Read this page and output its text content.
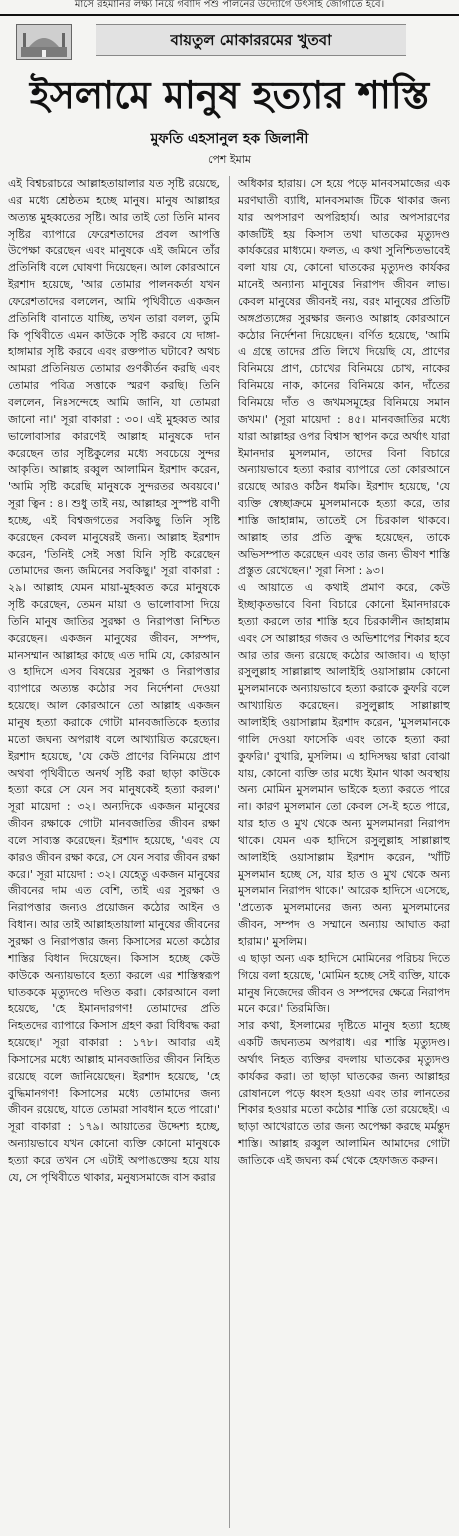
মাসে রহমানির লক্ষ্য নিয়ে গবাদি পশু পালনের উদ্যোগে উৎসাহ জোগাতে হবে।
বায়তুল মোকাররমের খুতবা
ইসলামে মানুষ হত্যার শাস্তি
মুফতি এহসানুল হক জিলানী
পেশ ইমাম

এই বিশ্বচরাচরে আল্লাহতায়ালার যত সৃষ্টি রয়েছে, এর মধ্যে শ্রেষ্ঠতম হচ্ছে মানুষ। মানুষ আল্লাহর অত্যন্ত মুহব্বতের সৃষ্টি। আর তাই তো তিনি মানব সৃষ্টির ব্যাপারে ফেরেশতাদের প্রবল আপত্তি উপেক্ষা করেছেন এবং মানুষকে এই জমিনে তাঁর প্রতিনিধি বলে ঘোষণা দিয়েছেন। আল কোরআনে ইরশাদ হয়েছে, 'আর তোমার পালনকর্তা যখন ফেরেশতাদের বললেন, আমি পৃথিবীতে একজন প্রতিনিধি বানাতে যাচ্ছি, তখন তারা বলল, তুমি কি পৃথিবীতে এমন কাউকে সৃষ্টি করবে যে দাঙ্গা-হাঙ্গামার সৃষ্টি করবে এবং রক্তপাত ঘটাবে? অথচ আমরা প্রতিনিয়ত তোমার গুণকীর্তন করছি এবং তোমার পবিত্র সত্তাকে স্মরণ করছি। তিনি বললেন, নিঃসন্দেহে আমি জানি, যা তোমরা জানো না।' সূরা বাকারা : ৩০। এই মুহব্বত আর ভালোবাসার কারণেই আল্লাহ মানুষকে দান করেছেন তার সৃষ্টিকুলের মধ্যে সবচেয়ে সুন্দর আকৃতি। আল্লাহ রব্বুল আলামিন ইরশাদ করেন, 'আমি সৃষ্টি করেছি মানুষকে সুন্দরতর অবয়বে।' সূরা ত্বিন : ৪। শুধু তাই নয়, আল্লাহর সুস্পষ্ট বাণী হচ্ছে, এই বিশ্বজগতের সবকিছু তিনি সৃষ্টি করেছেন কেবল মানুষেরই জন্য। আল্লাহ ইরশাদ করেন, 'তিনিই সেই সত্তা যিনি সৃষ্টি করেছেন তোমাদের জন্য জমিনের সবকিছু।' সূরা বাকারা : ২৯। আল্লাহ যেমন মায়া-মুহব্বত করে মানুষকে সৃষ্টি করেছেন, তেমন মায়া ও ভালোবাসা দিয়ে তিনি মানুষ জাতির সুরক্ষা ও নিরাপত্তা নিশ্চিত করেছেন। একজন মানুষের জীবন, সম্পদ, মানসম্মান আল্লাহর কাছে এত দামি যে, কোরআন ও হাদিসে এসব বিষয়ের সুরক্ষা ও নিরাপত্তার ব্যাপারে অত্যন্ত কঠোর সব নির্দেশনা দেওয়া হয়েছে। আল কোরআনে তো আল্লাহ একজন মানুষ হত্যা করাকে গোটা মানবজাতিকে হত্যার মতো জঘন্য অপরাধ বলে আখ্যায়িত করেছেন। ইরশাদ হয়েছে, 'যে কেউ প্রাণের বিনিময়ে প্রাণ অথবা পৃথিবীতে অনর্থ সৃষ্টি করা ছাড়া কাউকে হত্যা করে সে যেন সব মানুষকেই হত্যা করল।' সূরা মায়েদা : ৩২। অন্যদিকে একজন মানুষের জীবন রক্ষাকে গোটা মানবজাতির জীবন রক্ষা বলে সাব্যস্ত করেছেন। ইরশাদ হয়েছে, 'এবং যে কারও জীবন রক্ষা করে, সে যেন সবার জীবন রক্ষা করে।' সূরা মায়েদা : ৩২। যেহেতু একজন মানুষের জীবনের দাম এত বেশি, তাই এর সুরক্ষা ও নিরাপত্তার জন্যও প্রয়োজন কঠোর আইন ও বিধান। আর তাই আল্লাহতায়ালা মানুষের জীবনের সুরক্ষা ও নিরাপত্তার জন্য কিসাসের মতো কঠোর শাস্তির বিধান দিয়েছেন। কিসাস হচ্ছে কেউ কাউকে অন্যায়ভাবে হত্যা করলে এর শাস্তিস্বরূপ ঘাতককে মৃত্যুদণ্ডে দণ্ডিত করা। কোরআনে বলা হয়েছে, 'হে ইমানদারগণ! তোমাদের প্রতি নিহতদের ব্যাপারে কিসাস গ্রহণ করা বিধিবদ্ধ করা হয়েছে।' সূরা বাকারা : ১৭৮। আবার এই কিসাসের মধ্যে আল্লাহ মানবজাতির জীবন নিহিত রয়েছে বলে জানিয়েছেন। ইরশাদ হয়েছে, 'হে বুদ্ধিমানগণ! কিসাসের মধ্যে তোমাদের জন্য জীবন রয়েছে, যাতে তোমরা সাবধান হতে পারো।' সূরা বাকারা : ১৭৯। আয়াতের উদ্দেশ্য হচ্ছে, অন্যায়ভাবে যখন কোনো ব্যক্তি কোনো মানুষকে হত্যা করে তখন সে এটাই অপাঙক্তেয় হয়ে যায় যে, সে পৃথিবীতে থাকার, মনুষ্যসমাজে বাস করার

অধিকার হারায়। সে হয়ে পড়ে মানবসমাজের এক মরণঘাতী ব্যাধি, মানবসমাজ টিকে থাকার জন্য যার অপসারণ অপরিহার্য। আর অপসারণের কাজটিই হয় কিসাস তথা ঘাতকের মৃত্যুদণ্ড কার্যকরের মাধ্যমে। ফলত, এ কথা সুনিশ্চিতভাবেই বলা যায় যে, কোনো ঘাতকের মৃত্যুদণ্ড কার্যকর মানেই অন্যান্য মানুষের নিরাপদ জীবন লাভ। কেবল মানুষের জীবনই নয়, বরং মানুষের প্রতিটি অঙ্গপ্রত্যঙ্গের সুরক্ষার জন্যও আল্লাহ কোরআনে কঠোর নির্দেশনা দিয়েছেন। বর্ণিত হয়েছে, 'আমি এ গ্রন্থে তাদের প্রতি লিখে দিয়েছি যে, প্রাণের বিনিময়ে প্রাণ, চোখের বিনিময়ে চোখ, নাকের বিনিময়ে নাক, কানের বিনিময়ে কান, দাঁতের বিনিময়ে দাঁত ও জখমসমূহের বিনিময়ে সমান জখম।' (সূরা মায়েদা : ৪৫। মানবজাতির মধ্যে যারা আল্লাহর ওপর বিশ্বাস স্থাপন করে অর্থাৎ যারা ইমানদার মুসলমান, তাদের বিনা বিচারে অন্যায়ভাবে হত্যা করার ব্যাপারে তো কোরআনে রয়েছে আরও কঠিন ধমকি। ইরশাদ হয়েছে, 'যে ব্যক্তি স্বেচ্ছাক্রমে মুসলমানকে হত্যা করে, তার শাস্তি জাহান্নাম, তাতেই সে চিরকাল থাকবে। আল্লাহ তার প্রতি ক্রুদ্ধ হয়েছেন, তাকে অভিসম্পাত করেছেন এবং তার জন্য ভীষণ শাস্তি প্রস্তুত রেখেছেন।' সূরা নিসা : ৯৩।

এ আয়াতে এ কথাই প্রমাণ করে, কেউ ইচ্ছাকৃতভাবে বিনা বিচারে কোনো ইমানদারকে হত্যা করলে তার শাস্তি হবে চিরকালীন জাহান্নাম এবং সে আল্লাহর গজব ও অভিশাপের শিকার হবে আর তার জন্য রয়েছে কঠোর আজাব। এ ছাড়া রসুলুল্লাহ সাল্লাল্লাহু আলাইহি ওয়াসাল্লাম কোনো মুসলমানকে অন্যায়ভাবে হত্যা করাকে কুফরি বলে আখ্যায়িত করেছেন। রসুলুল্লাহ সাল্লাল্লাহু আলাইহি ওয়াসাল্লাম ইরশাদ করেন, 'মুসলমানকে গালি দেওয়া ফাসেকি এবং তাকে হত্যা করা কুফরি।' বুখারি, মুসলিম। এ হাদিসদ্বয় দ্বারা বোঝা যায়, কোনো ব্যক্তি তার মধ্যে ইমান থাকা অবস্থায় অন্য মোমিন মুসলমান ভাইকে হত্যা করতে পারে না। কারণ মুসলমান তো কেবল সে-ই হতে পারে, যার হাত ও মুখ থেকে অন্য মুসলমানরা নিরাপদ থাকে। যেমন এক হাদিসে রসুলুল্লাহ সাল্লাল্লাহু আলাইহি ওয়াসাল্লাম ইরশাদ করেন, 'খাঁটি মুসলমান হচ্ছে সে, যার হাত ও মুখ থেকে অন্য মুসলমান নিরাপদ থাকে।' আরেক হাদিসে এসেছে, 'প্রত্যেক মুসলমানের জন্য অন্য মুসলমানের জীবন, সম্পদ ও সম্মানে অন্যায় আঘাত করা হারাম।' মুসলিম।

এ ছাড়া অন্য এক হাদিসে মোমিনের পরিচয় দিতে গিয়ে বলা হয়েছে, 'মোমিন হচ্ছে সেই ব্যক্তি, যাকে মানুষ নিজেদের জীবন ও সম্পদের ক্ষেত্রে নিরাপদ মনে করে।' তিরমিজি।

সার কথা, ইসলামের দৃষ্টিতে মানুষ হত্যা হচ্ছে একটি জঘন্যতম অপরাধ। এর শাস্তি মৃত্যুদণ্ড। অর্থাৎ নিহত ব্যক্তির বদলায় ঘাতকের মৃত্যুদণ্ড কার্যকর করা। তা ছাড়া ঘাতকের জন্য আল্লাহর রোষানলে পড়ে ধ্বংস হওয়া এবং তার লানতের শিকার হওয়ার মতো কঠোর শাস্তি তো রয়েছেই। এ ছাড়া আখেরাতে তার জন্য অপেক্ষা করছে মর্মন্তুদ শাস্তি। আল্লাহ রব্বুল আলামিন আমাদের গোটা জাতিকে এই জঘন্য কর্ম থেকে হেফাজত করুন।
